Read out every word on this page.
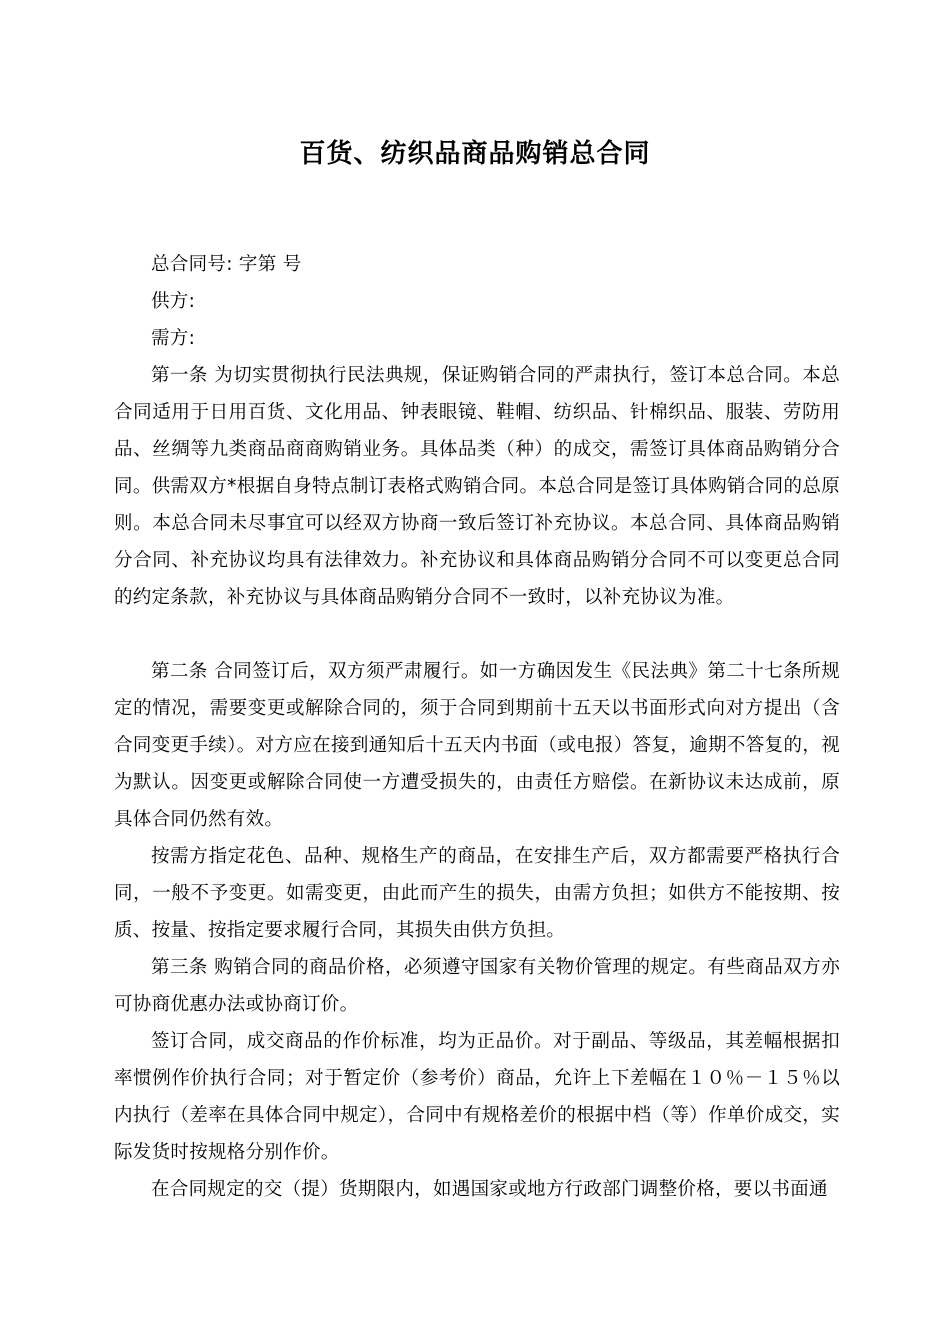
百货、纺织品商品购销总合同

总合同号: 字第 号

供方:

需方:

第一条 为切实贯彻执行民法典规，保证购销合同的严肃执行，签订本总合同。本总合同适用于日用百货、文化用品、钟表眼镜、鞋帽、纺织品、针棉织品、服装、劳防用品、丝绸等九类商品商商购销业务。具体品类（种）的成交，需签订具体商品购销分合同。供需双方*根据自身特点制订表格式购销合同。本总合同是签订具体购销合同的总原则。本总合同未尽事宜可以经双方协商一致后签订补充协议。本总合同、具体商品购销分合同、补充协议均具有法律效力。补充协议和具体商品购销分合同不可以变更总合同的约定条款，补充协议与具体商品购销分合同不一致时，以补充协议为准。

第二条 合同签订后，双方须严肃履行。如一方确因发生《民法典》第二十七条所规定的情况，需要变更或解除合同的，须于合同到期前十五天以书面形式向对方提出（含合同变更手续）。对方应在接到通知后十五天内书面（或电报）答复，逾期不答复的，视为默认。因变更或解除合同使一方遭受损失的，由责任方赔偿。在新协议未达成前，原具体合同仍然有效。

按需方指定花色、品种、规格生产的商品，在安排生产后，双方都需要严格执行合同，一般不予变更。如需变更，由此而产生的损失，由需方负担；如供方不能按期、按质、按量、按指定要求履行合同，其损失由供方负担。

第三条 购销合同的商品价格，必须遵守国家有关物价管理的规定。有些商品双方亦可协商优惠办法或协商订价。

签订合同，成交商品的作价标准，均为正品价。对于副品、等级品，其差幅根据扣率惯例作价执行合同；对于暂定价（参考价）商品，允许上下差幅在１０％－１５％以内执行（差率在具体合同中规定），合同中有规格差价的根据中档（等）作单价成交，实际发货时按规格分别作价。

在合同规定的交（提）货期限内，如遇国家或地方行政部门调整价格，要以书面通
